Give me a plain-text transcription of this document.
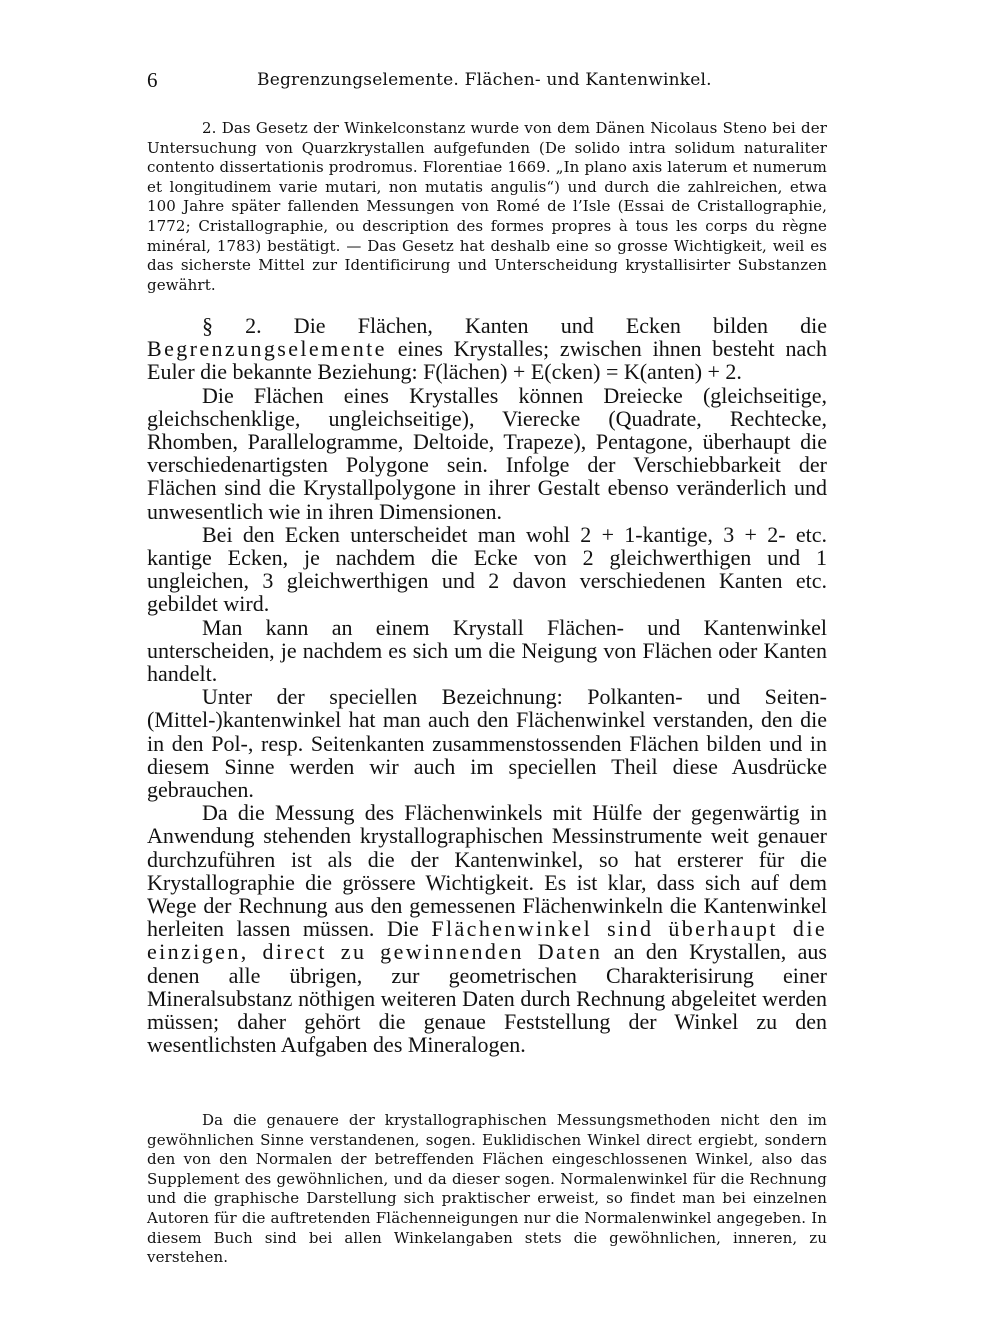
6	Begrenzungselemente. Flächen- und Kantenwinkel.

2. Das Gesetz der Winkelconstanz wurde von dem Dänen Nicolaus Steno bei der Untersuchung von Quarzkrystallen aufgefunden (De solido intra solidum naturaliter contento dissertationis prodromus. Florentiae 1669. „In plano axis laterum et numerum et longitudinem varie mutari, non mutatis angulis“) und durch die zahlreichen, etwa 100 Jahre später fallenden Messungen von Romé de l’Isle (Essai de Cristallographie, 1772; Cristallographie, ou description des formes propres à tous les corps du règne minéral, 1783) bestätigt. — Das Gesetz hat deshalb eine so grosse Wichtigkeit, weil es das sicherste Mittel zur Identificirung und Unterscheidung krystallisirter Substanzen gewährt.

§ 2. Die Flächen, Kanten und Ecken bilden die Begrenzungselemente eines Krystalles; zwischen ihnen besteht nach Euler die bekannte Beziehung: F(lächen) + E(cken) = K(anten) + 2.

Die Flächen eines Krystalles können Dreiecke (gleichseitige, gleichschenklige, ungleichseitige), Vierecke (Quadrate, Rechtecke, Rhomben, Parallelogramme, Deltoide, Trapeze), Pentagone, überhaupt die verschiedenartigsten Polygone sein. Infolge der Verschiebbarkeit der Flächen sind die Krystallpolygone in ihrer Gestalt ebenso veränderlich und unwesentlich wie in ihren Dimensionen.

Bei den Ecken unterscheidet man wohl 2 + 1-kantige, 3 + 2- etc. kantige Ecken, je nachdem die Ecke von 2 gleichwerthigen und 1 ungleichen, 3 gleichwerthigen und 2 davon verschiedenen Kanten etc. gebildet wird.

Man kann an einem Krystall Flächen- und Kantenwinkel unterscheiden, je nachdem es sich um die Neigung von Flächen oder Kanten handelt.

Unter der speciellen Bezeichnung: Polkanten- und Seiten- (Mittel-)kantenwinkel hat man auch den Flächenwinkel verstanden, den die in den Pol-, resp. Seitenkanten zusammenstossenden Flächen bilden und in diesem Sinne werden wir auch im speciellen Theil diese Ausdrücke gebrauchen.

Da die Messung des Flächenwinkels mit Hülfe der gegenwärtig in Anwendung stehenden krystallographischen Messinstrumente weit genauer durchzuführen ist als die der Kantenwinkel, so hat ersterer für die Krystallographie die grössere Wichtigkeit. Es ist klar, dass sich auf dem Wege der Rechnung aus den gemessenen Flächenwinkeln die Kantenwinkel herleiten lassen müssen. Die Flächenwinkel sind überhaupt die einzigen, direct zu gewinnenden Daten an den Krystallen, aus denen alle übrigen, zur geometrischen Charakterisirung einer Mineralsubstanz nöthigen weiteren Daten durch Rechnung abgeleitet werden müssen; daher gehört die genaue Feststellung der Winkel zu den wesentlichsten Aufgaben des Mineralogen.

Da die genauere der krystallographischen Messungsmethoden nicht den im gewöhnlichen Sinne verstandenen, sogen. Euklidischen Winkel direct ergiebt, sondern den von den Normalen der betreffenden Flächen eingeschlossenen Winkel, also das Supplement des gewöhnlichen, und da dieser sogen. Normalenwinkel für die Rechnung und die graphische Darstellung sich praktischer erweist, so findet man bei einzelnen Autoren für die auftretenden Flächenneigungen nur die Normalenwinkel angegeben. In diesem Buch sind bei allen Winkelangaben stets die gewöhnlichen, inneren, zu verstehen.
